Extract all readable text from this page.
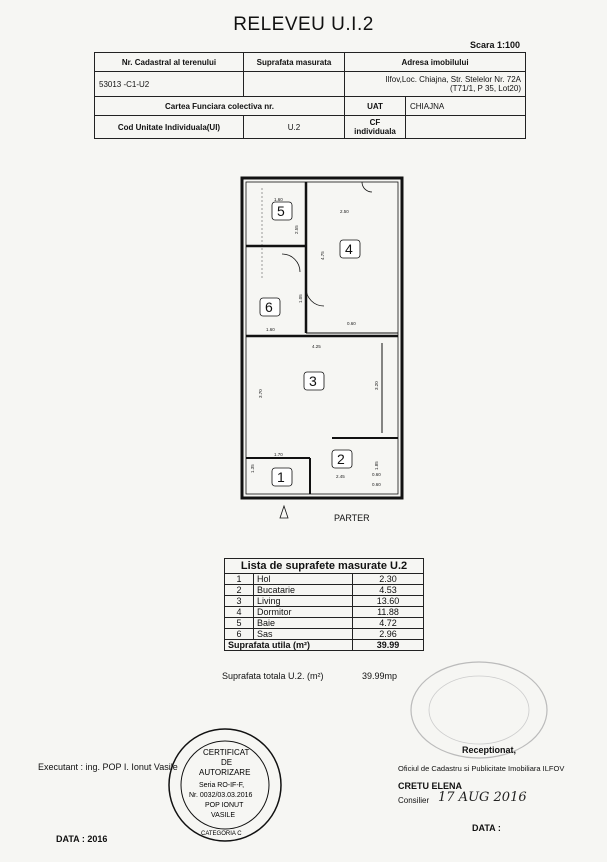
RELEVEU U.I.2
Scara 1:100
Nr. Cadastral al terenului	Suprafata masurata	Adresa imobilului	
53013 -C1-U2		Ilfov,Loc. Chiajna, Str. Stelelor Nr. 72A
(T71/1, P 35, Lot20)	

Cartea Funciara colectiva nr.		UAT	CHIAJNA
Cod Unitate Individuala(UI)	U.2	CF individuala	
5
4
6
3
2
1
1.60
2.50
4.75
2.55
1.60
1.05
4.25
3.70
3.20
1.70
2.45
1.85
1.35
0.60
0.60
0.60
PARTER
Lista de suprafete masurate U.2		
1	Hol	2.30
2	Bucatarie	4.53
3	Living	13.60
4	Dormitor	11.88
5	Baie	4.72
6	Sas	2.96
Suprafata utila (m²)		39.99
Suprafata totala U.2. (m²)	39.99mp
CERTIFICAT
DE
AUTORIZARE
Seria RO-IF-F,
Nr. 0032/03.03.2016
POP IONUT
VASILE
CATEGORIA C
Executant : ing. POP I. Ionut Vasile
DATA : 2016
Receptionat,
Oficiul de Cadastru si Publicitate Imobiliara ILFOV
CRETU ELENA
Consilier 17 AUG 2016
DATA :
